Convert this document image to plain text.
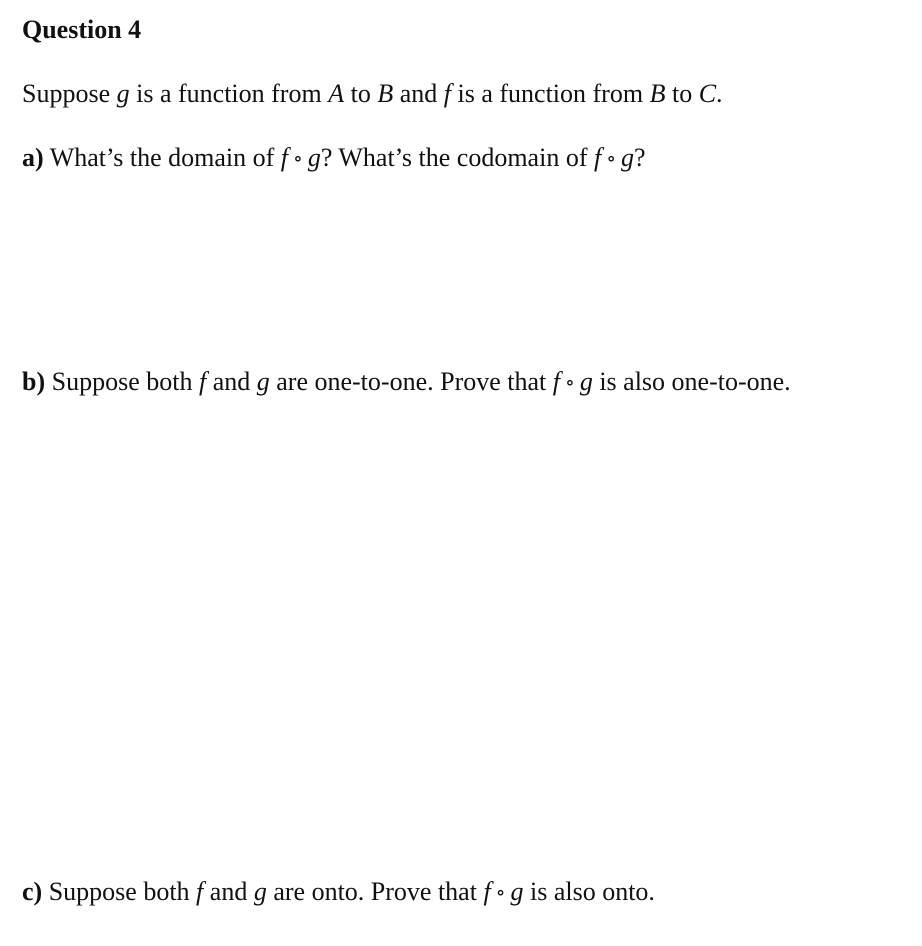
Question 4
Suppose g is a function from A to B and f is a function from B to C.
a) What’s the domain of f ∘ g? What’s the codomain of f ∘ g?
b) Suppose both f and g are one-to-one. Prove that f ∘ g is also one-to-one.
c) Suppose both f and g are onto. Prove that f ∘ g is also onto.
